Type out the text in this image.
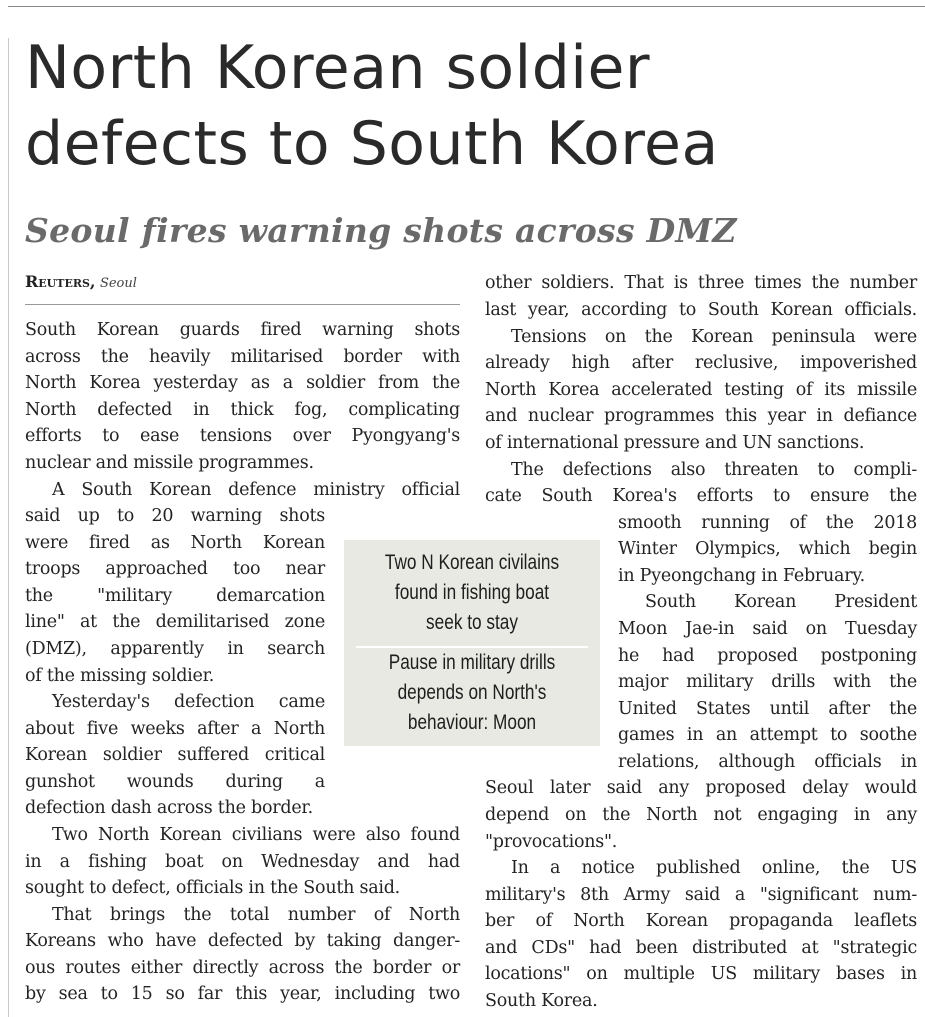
North Korean soldier
defects to South Korea
Seoul fires warning shots across DMZ
Reuters, Seoul

South Korean guards fired warning shots

across the heavily militarised border with

North Korea yesterday as a soldier from the

North defected in thick fog, complicating

efforts to ease tensions over Pyongyang's

nuclear and missile programmes.

A South Korean defence ministry official

said up to 20 warning shots

were fired as North Korean

troops approached too near

the "military demarcation

line" at the demilitarised zone

(DMZ), apparently in search

of the missing soldier.

Yesterday's defection came

about five weeks after a North

Korean soldier suffered critical

gunshot wounds during a

defection dash across the border.

Two North Korean civilians were also found

in a fishing boat on Wednesday and had

sought to defect, officials in the South said.

That brings the total number of North

Koreans who have defected by taking danger-

ous routes either directly across the border or

by sea to 15 so far this year, including two

other soldiers. That is three times the number

last year, according to South Korean officials.

Tensions on the Korean peninsula were

already high after reclusive, impoverished

North Korea accelerated testing of its missile

and nuclear programmes this year in defiance

of international pressure and UN sanctions.

The defections also threaten to compli-

cate South Korea's efforts to ensure the

smooth running of the 2018

Winter Olympics, which begin

in Pyeongchang in February.

South Korean President

Moon Jae-in said on Tuesday

he had proposed postponing

major military drills with the

United States until after the

games in an attempt to soothe

relations, although officials in

Seoul later said any proposed delay would

depend on the North not engaging in any

"provocations".

In a notice published online, the US

military's 8th Army said a "significant num-

ber of North Korean propaganda leaflets

and CDs" had been distributed at "strategic

locations" on multiple US military bases in

South Korea.

Two N Korean civilains
found in fishing boat
seek to stay
Pause in military drills
depends on North's
behaviour: Moon
